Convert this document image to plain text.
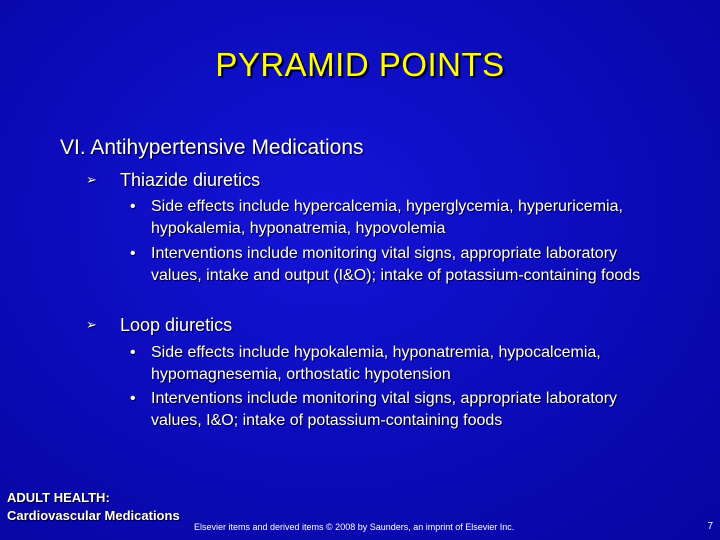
PYRAMID POINTS
VI. Antihypertensive Medications
➢ Thiazide diuretics
• Side effects include hypercalcemia, hyperglycemia, hyperuricemia, hypokalemia, hyponatremia, hypovolemia
• Interventions include monitoring vital signs, appropriate laboratory values, intake and output (I&O); intake of potassium-containing foods
➢ Loop diuretics
• Side effects include hypokalemia, hyponatremia, hypocalcemia, hypomagnesemia, orthostatic hypotension
• Interventions include monitoring vital signs, appropriate laboratory values, I&O; intake of potassium-containing foods
ADULT HEALTH:
Cardiovascular Medications
Elsevier items and derived items © 2008 by Saunders, an imprint of Elsevier Inc.	7
